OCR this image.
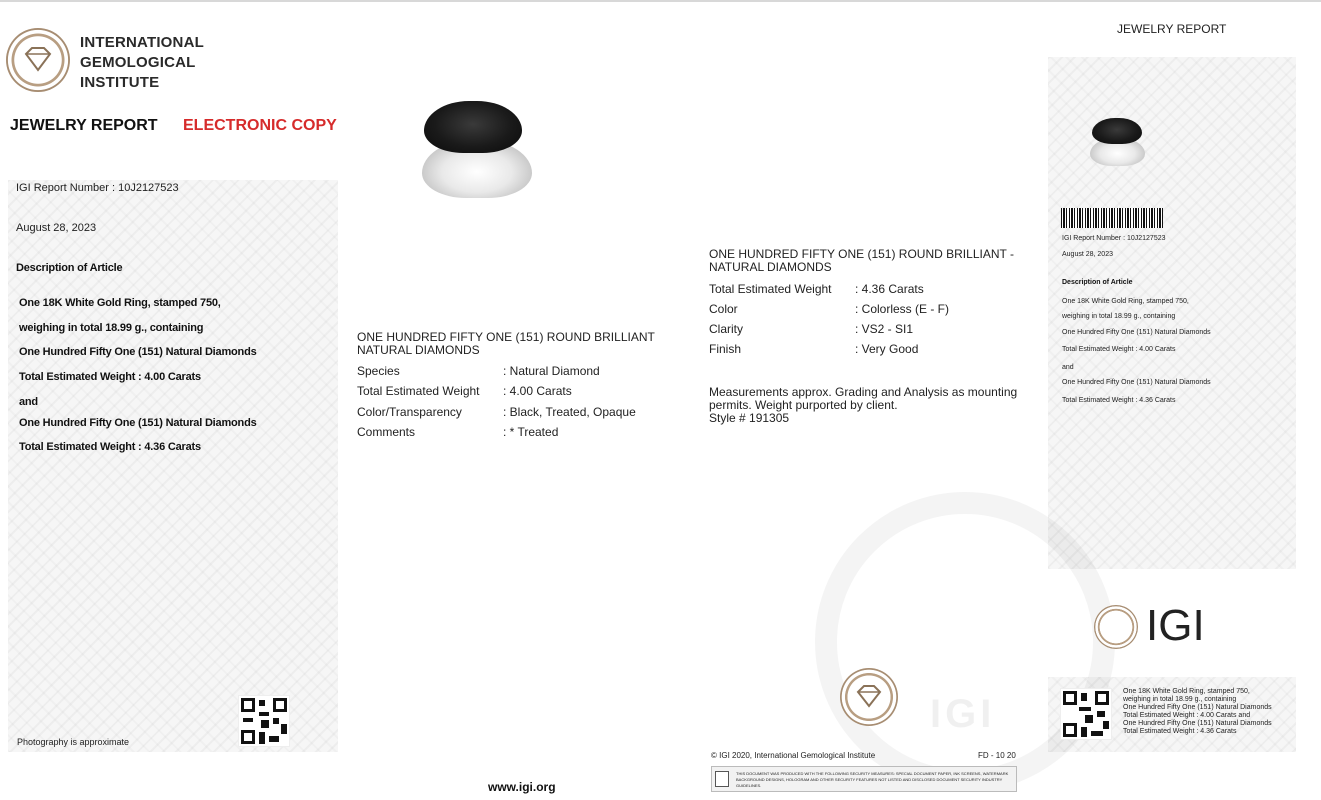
IGI
INTERNATIONAL
GEMOLOGICAL
INSTITUTE
JEWELRY REPORT ELECTRONIC COPY
IGI Report Number : 10J2127523
August 28, 2023
Description of Article
One 18K White Gold Ring, stamped 750,
weighing in total 18.99 g., containing
One Hundred Fifty One (151) Natural Diamonds
Total Estimated Weight : 4.00 Carats
and
One Hundred Fifty One (151) Natural Diamonds
Total Estimated Weight : 4.36 Carats
Photography is approximate
ONE HUNDRED FIFTY ONE (151) ROUND BRILLIANT
NATURAL DIAMONDS
Species	: Natural Diamond
Total Estimated Weight : 4.00 Carats
Color/Transparency	: Black, Treated, Opaque
Comments	: * Treated
www.igi.org
ONE HUNDRED FIFTY ONE (151) ROUND BRILLIANT -
NATURAL DIAMONDS
Total Estimated Weight : 4.36 Carats
Color	: Colorless (E - F)
Clarity	: VS2 - SI1
Finish	: Very Good
Measurements approx. Grading and Analysis as mounting
permits. Weight purported by client.
Style # 191305
© IGI 2020, International Gemological Institute	FD - 10 20
THIS DOCUMENT WAS PRODUCED WITH THE FOLLOWING SECURITY MEASURES: SPECIAL DOCUMENT PAPER, INK SCREENS, WATERMARK BACKGROUND DESIGNS, HOLOGRAM AND OTHER SECURITY FEATURES NOT LISTED AND DISCLOSED DOCUMENT SECURITY INDUSTRY GUIDELINES.
JEWELRY REPORT
IGI Report Number : 10J2127523
August 28, 2023
Description of Article
One 18K White Gold Ring, stamped 750,
weighing in total 18.99 g., containing
One Hundred Fifty One (151) Natural Diamonds
Total Estimated Weight : 4.00 Carats
and
One Hundred Fifty One (151) Natural Diamonds
Total Estimated Weight : 4.36 Carats
IGI
One 18K White Gold Ring, stamped 750,
weighing in total 18.99 g., containing
One Hundred Fifty One (151) Natural Diamonds
Total Estimated Weight : 4.00 Carats and
One Hundred Fifty One (151) Natural Diamonds
Total Estimated Weight : 4.36 Carats
